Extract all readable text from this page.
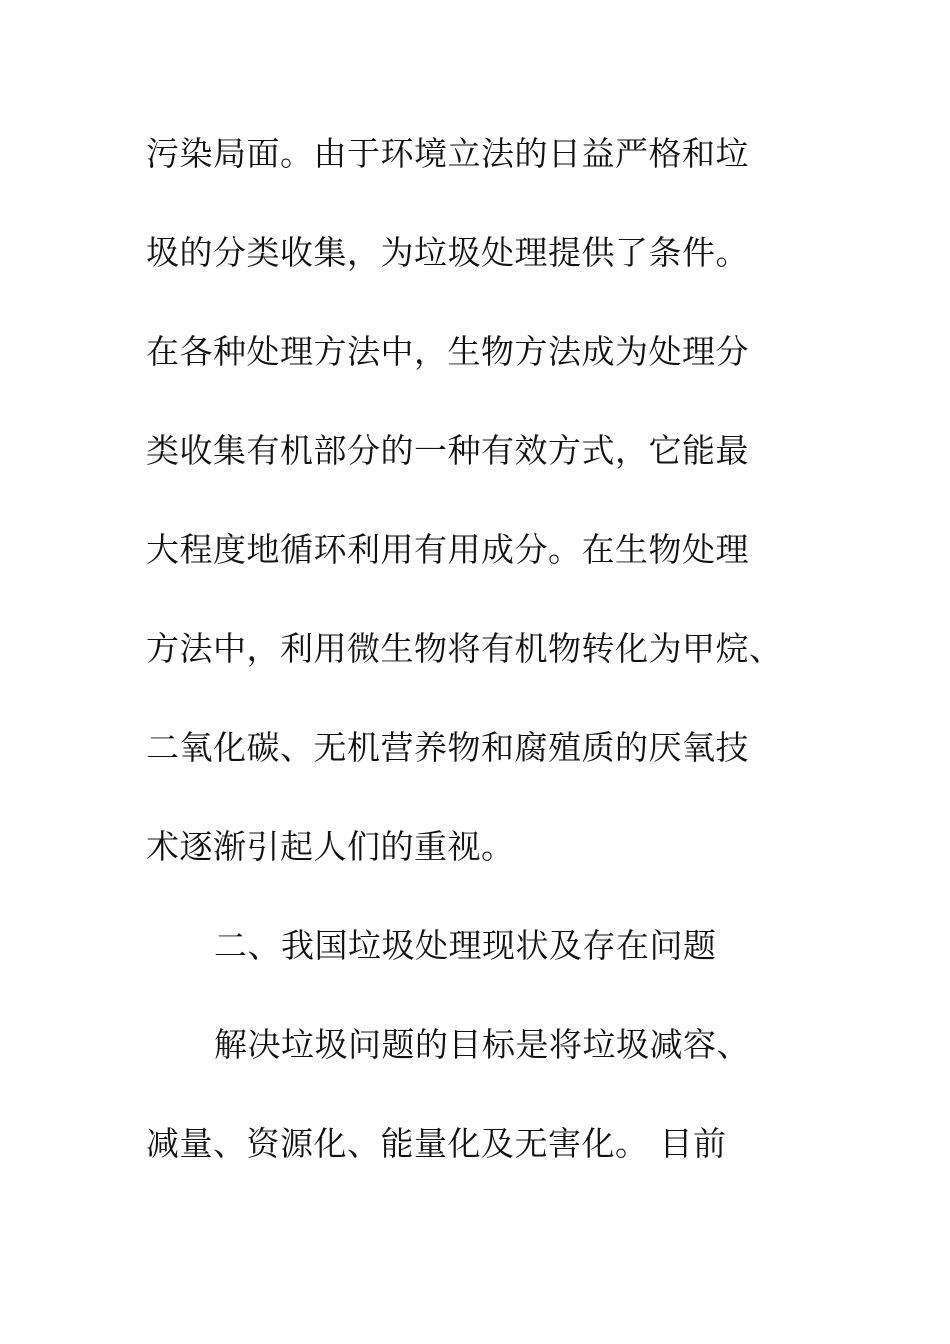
污染局面。由于环境立法的日益严格和垃

圾的分类收集，为垃圾处理提供了条件。

在各种处理方法中，生物方法成为处理分

类收集有机部分的一种有效方式，它能最

大程度地循环利用有用成分。在生物处理

方法中，利用微生物将有机物转化为甲烷、

二氧化碳、无机营养物和腐殖质的厌氧技

术逐渐引起人们的重视。

二、我国垃圾处理现状及存在问题

解决垃圾问题的目标是将垃圾减容、

减量、资源化、能量化及无害化。 目前
